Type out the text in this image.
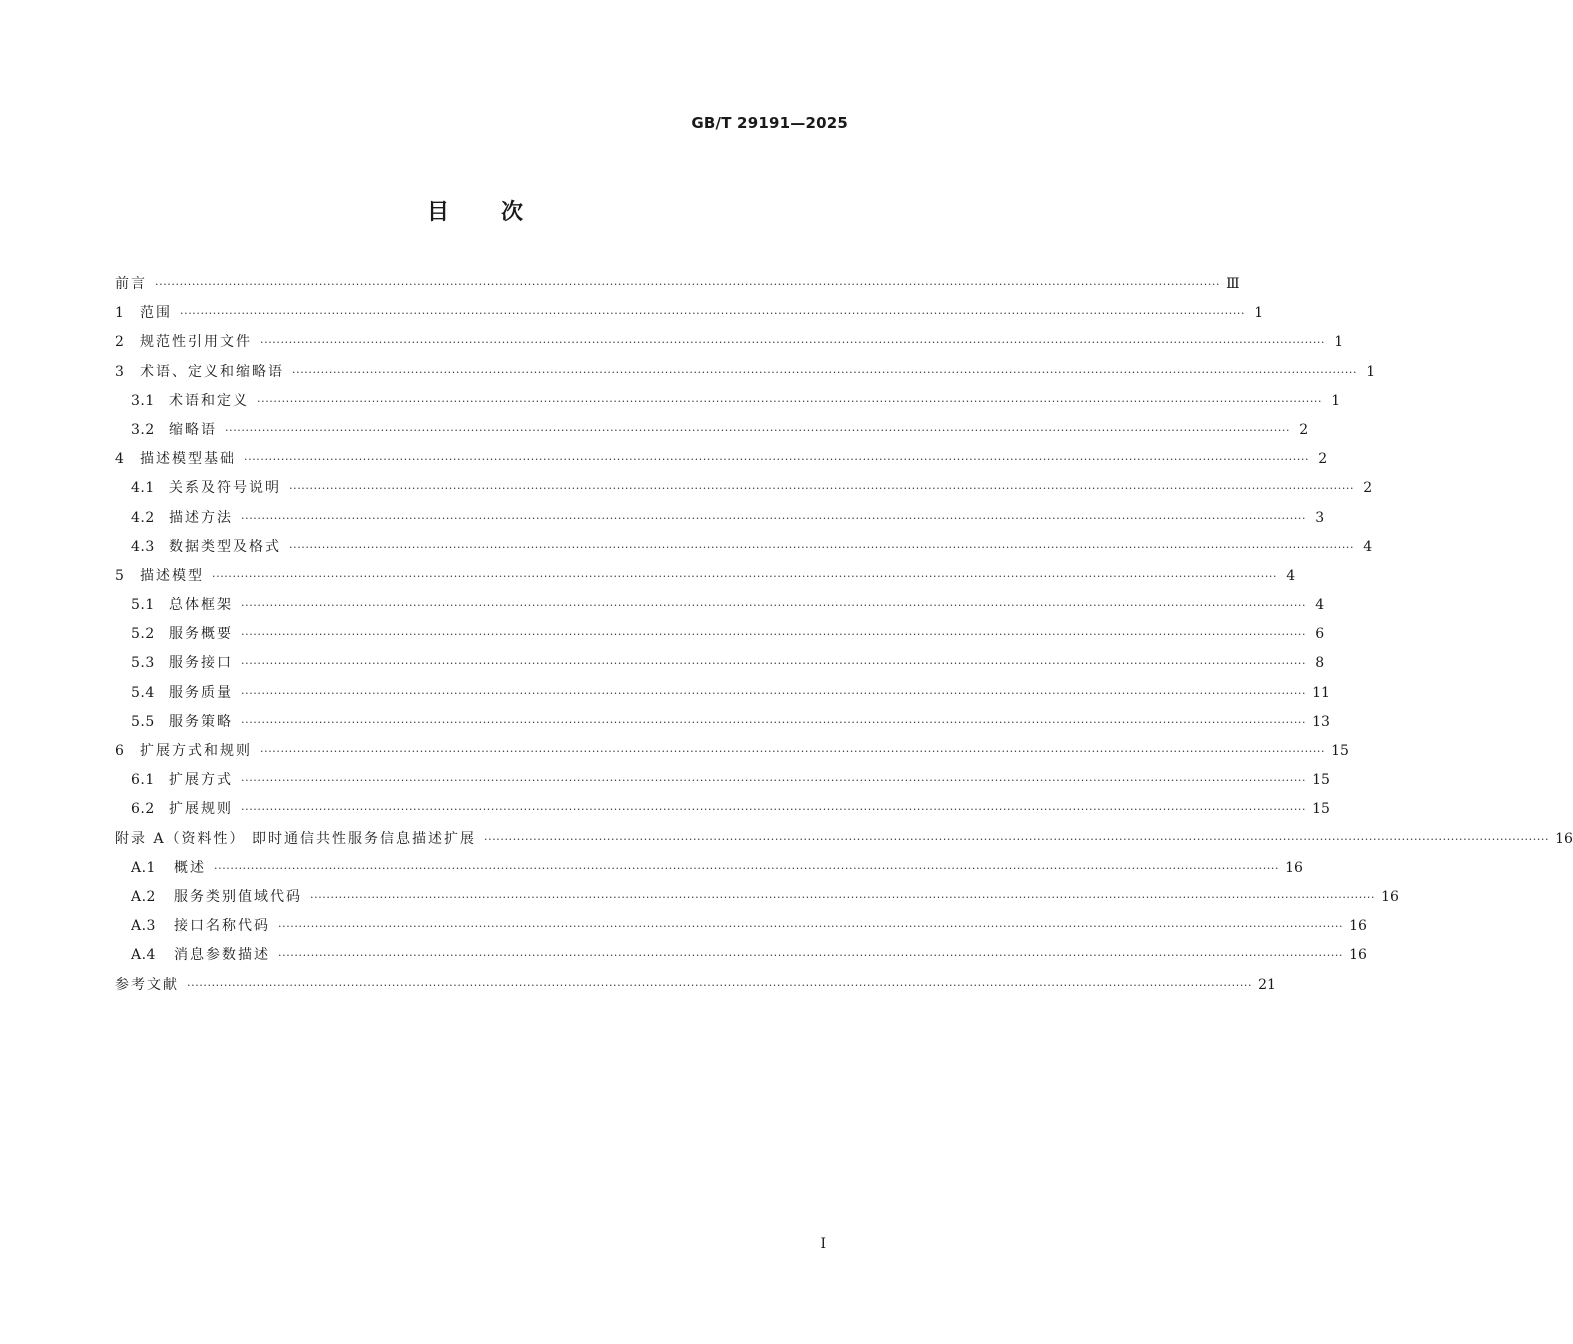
GB/T 29191—2025
目次
前言 ···································································································································································································································································· Ⅲ
1	范围 ···································································································································································································································································· 1
2	规范性引用文件 ···································································································································································································································································· 1
3	术语、定义和缩略语 ···································································································································································································································································· 1
3.1	术语和定义 ···································································································································································································································································· 1
3.2	缩略语 ···································································································································································································································································· 2
4	描述模型基础 ···································································································································································································································································· 2
4.1	关系及符号说明 ···································································································································································································································································· 2
4.2	描述方法 ···································································································································································································································································· 3
4.3	数据类型及格式 ···································································································································································································································································· 4
5	描述模型 ···································································································································································································································································· 4
5.1	总体框架 ···································································································································································································································································· 4
5.2	服务概要 ···································································································································································································································································· 6
5.3	服务接口 ···································································································································································································································································· 8
5.4	服务质量 ···································································································································································································································································· 11
5.5	服务策略 ···································································································································································································································································· 13
6	扩展方式和规则 ···································································································································································································································································· 15
6.1	扩展方式 ···································································································································································································································································· 15
6.2	扩展规则 ···································································································································································································································································· 15
附录 A（资料性） 即时通信共性服务信息描述扩展 ···································································································································································································································································· 16
A.1	概述 ···································································································································································································································································· 16
A.2	服务类别值域代码 ···································································································································································································································································· 16
A.3	接口名称代码 ···································································································································································································································································· 16
A.4	消息参数描述 ···································································································································································································································································· 16
参考文献 ···································································································································································································································································· 21
I
